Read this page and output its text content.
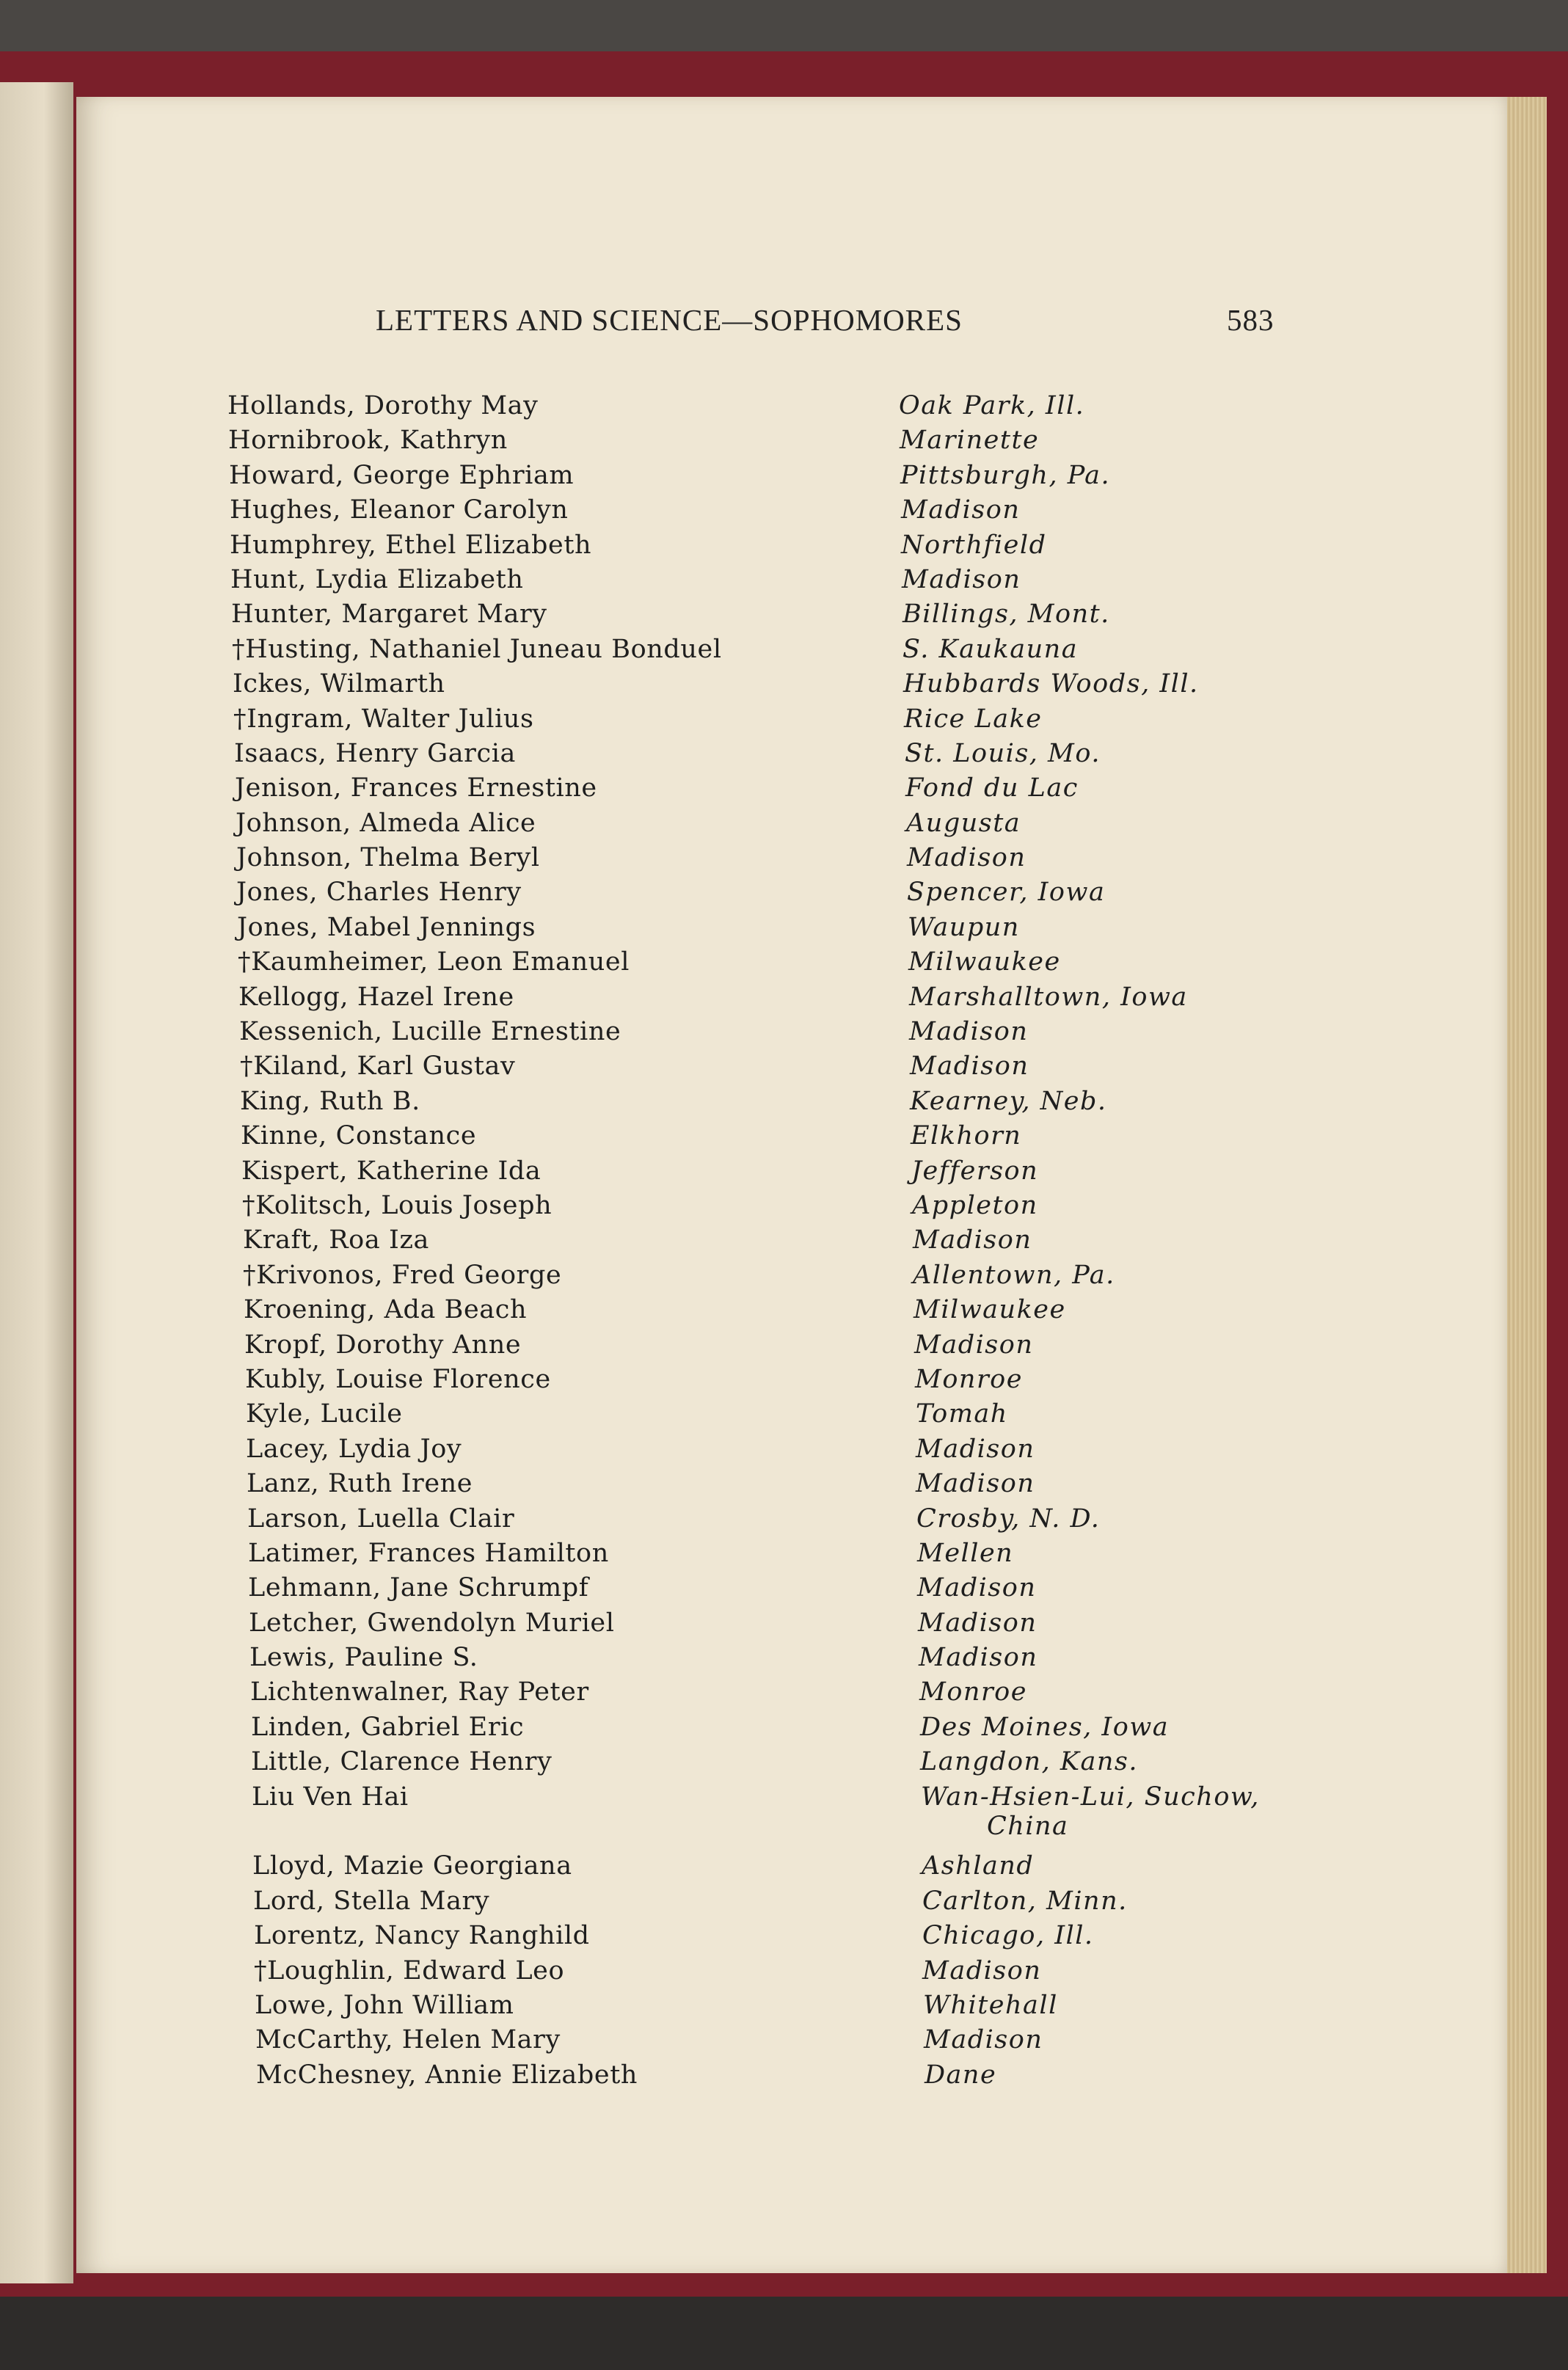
LETTERS AND SCIENCE—SOPHOMORES	583
Hollands, Dorothy May	Oak Park, Ill.
Hornibrook, Kathryn	Marinette
Howard, George Ephriam	Pittsburgh, Pa.
Hughes, Eleanor Carolyn	Madison
Humphrey, Ethel Elizabeth	Northfield
Hunt, Lydia Elizabeth	Madison
Hunter, Margaret Mary	Billings, Mont.
†Husting, Nathaniel Juneau Bonduel	S. Kaukauna
Ickes, Wilmarth	Hubbards Woods, Ill.
†Ingram, Walter Julius	Rice Lake
Isaacs, Henry Garcia	St. Louis, Mo.
Jenison, Frances Ernestine	Fond du Lac
Johnson, Almeda Alice	Augusta
Johnson, Thelma Beryl	Madison
Jones, Charles Henry	Spencer, Iowa
Jones, Mabel Jennings	Waupun
†Kaumheimer, Leon Emanuel	Milwaukee
Kellogg, Hazel Irene	Marshalltown, Iowa
Kessenich, Lucille Ernestine	Madison
†Kiland, Karl Gustav	Madison
King, Ruth B.	Kearney, Neb.
Kinne, Constance	Elkhorn
Kispert, Katherine Ida	Jefferson
†Kolitsch, Louis Joseph	Appleton
Kraft, Roa Iza	Madison
†Krivonos, Fred George	Allentown, Pa.
Kroening, Ada Beach	Milwaukee
Kropf, Dorothy Anne	Madison
Kubly, Louise Florence	Monroe
Kyle, Lucile	Tomah
Lacey, Lydia Joy	Madison
Lanz, Ruth Irene	Madison
Larson, Luella Clair	Crosby, N. D.
Latimer, Frances Hamilton	Mellen
Lehmann, Jane Schrumpf	Madison
Letcher, Gwendolyn Muriel	Madison
Lewis, Pauline S.	Madison
Lichtenwalner, Ray Peter	Monroe
Linden, Gabriel Eric	Des Moines, Iowa
Little, Clarence Henry	Langdon, Kans.
Liu Ven Hai	Wan-Hsien-Lui, Suchow,
China
Lloyd, Mazie Georgiana	Ashland
Lord, Stella Mary	Carlton, Minn.
Lorentz, Nancy Ranghild	Chicago, Ill.
†Loughlin, Edward Leo	Madison
Lowe, John William	Whitehall
McCarthy, Helen Mary	Madison
McChesney, Annie Elizabeth	Dane
